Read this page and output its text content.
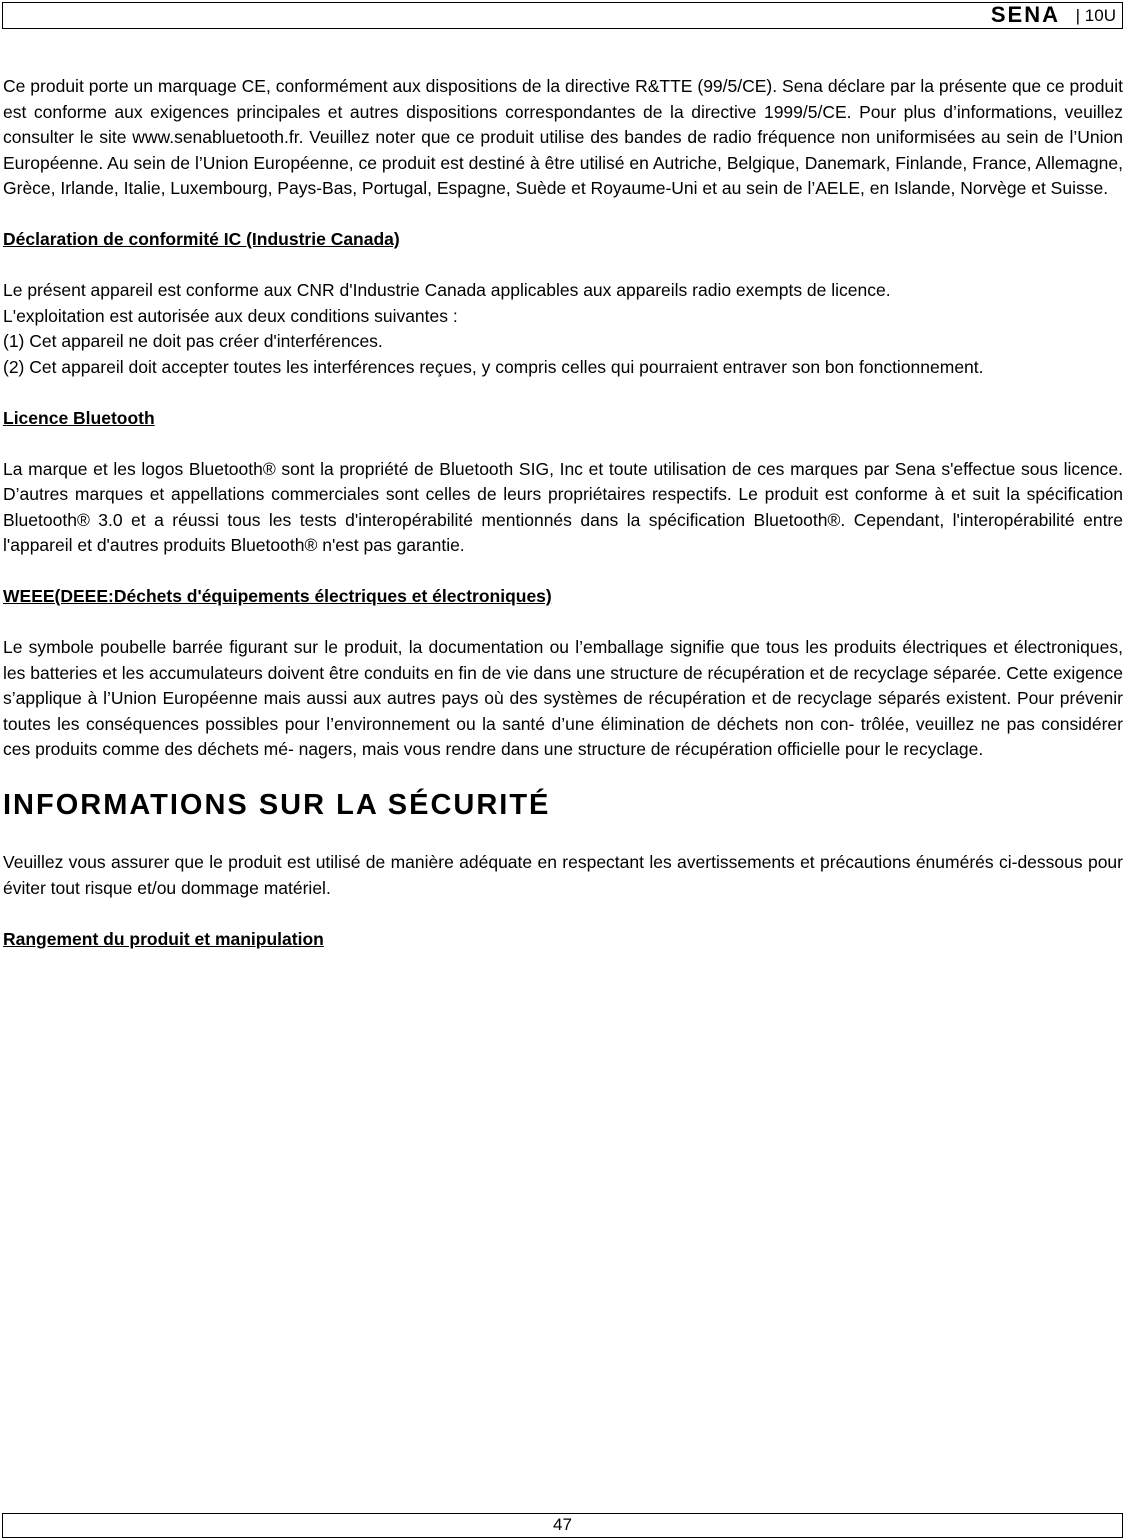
SENA | 10U

Ce produit porte un marquage CE, conformément aux dispositions de la directive R&TTE (99/5/CE). Sena déclare par la présente que ce produit est conforme aux exigences principales et autres dispositions correspondantes de la directive 1999/5/CE. Pour plus d’informations, veuillez consulter le site www.senabluetooth.fr. Veuillez noter que ce produit utilise des bandes de radio fréquence non uniformisées au sein de l’Union Européenne. Au sein de l’Union Européenne, ce produit est destiné à être utilisé en Autriche, Belgique, Danemark, Finlande, France, Allemagne, Grèce, Irlande, Italie, Luxembourg, Pays-Bas, Portugal, Espagne, Suède et Royaume-Uni et au sein de l’AELE, en Islande, Norvège et Suisse.

Déclaration de conformité IC (Industrie Canada)
Le présent appareil est conforme aux CNR d'Industrie Canada applicables aux appareils radio exempts de licence.
L'exploitation est autorisée aux deux conditions suivantes :
(1) Cet appareil ne doit pas créer d'interférences.
(2) Cet appareil doit accepter toutes les interférences reçues, y compris celles qui pourraient entraver son bon fonctionnement.
Licence Bluetooth

La marque et les logos Bluetooth® sont la propriété de Bluetooth SIG, Inc et toute utilisation de ces marques par Sena s'effectue sous licence. D’autres marques et appellations commerciales sont celles de leurs propriétaires respectifs. Le produit est conforme à et suit la spécification Bluetooth® 3.0 et a réussi tous les tests d'interopérabilité mentionnés dans la spécification Bluetooth®. Cependant, l'interopérabilité entre l'appareil et d'autres produits Bluetooth® n'est pas garantie.

WEEE(DEEE:Déchets d'équipements électriques et électroniques)

Le symbole poubelle barrée figurant sur le produit, la documentation ou l’emballage signifie que tous les produits électriques et électroniques, les batteries et les accumulateurs doivent être conduits en fin de vie dans une structure de récupération et de recyclage séparée. Cette exigence s’applique à l’Union Européenne mais aussi aux autres pays où des systèmes de récupération et de recyclage séparés existent. Pour prévenir toutes les conséquences possibles pour l’environnement ou la santé d’une élimination de déchets non con- trôlée, veuillez ne pas considérer ces produits comme des déchets mé- nagers, mais vous rendre dans une structure de récupération officielle pour le recyclage.

INFORMATIONS SUR LA SÉCURITÉ

Veuillez vous assurer que le produit est utilisé de manière adéquate en respectant les avertissements et précautions énumérés ci-dessous pour éviter tout risque et/ou dommage matériel.

Rangement du produit et manipulation
47
